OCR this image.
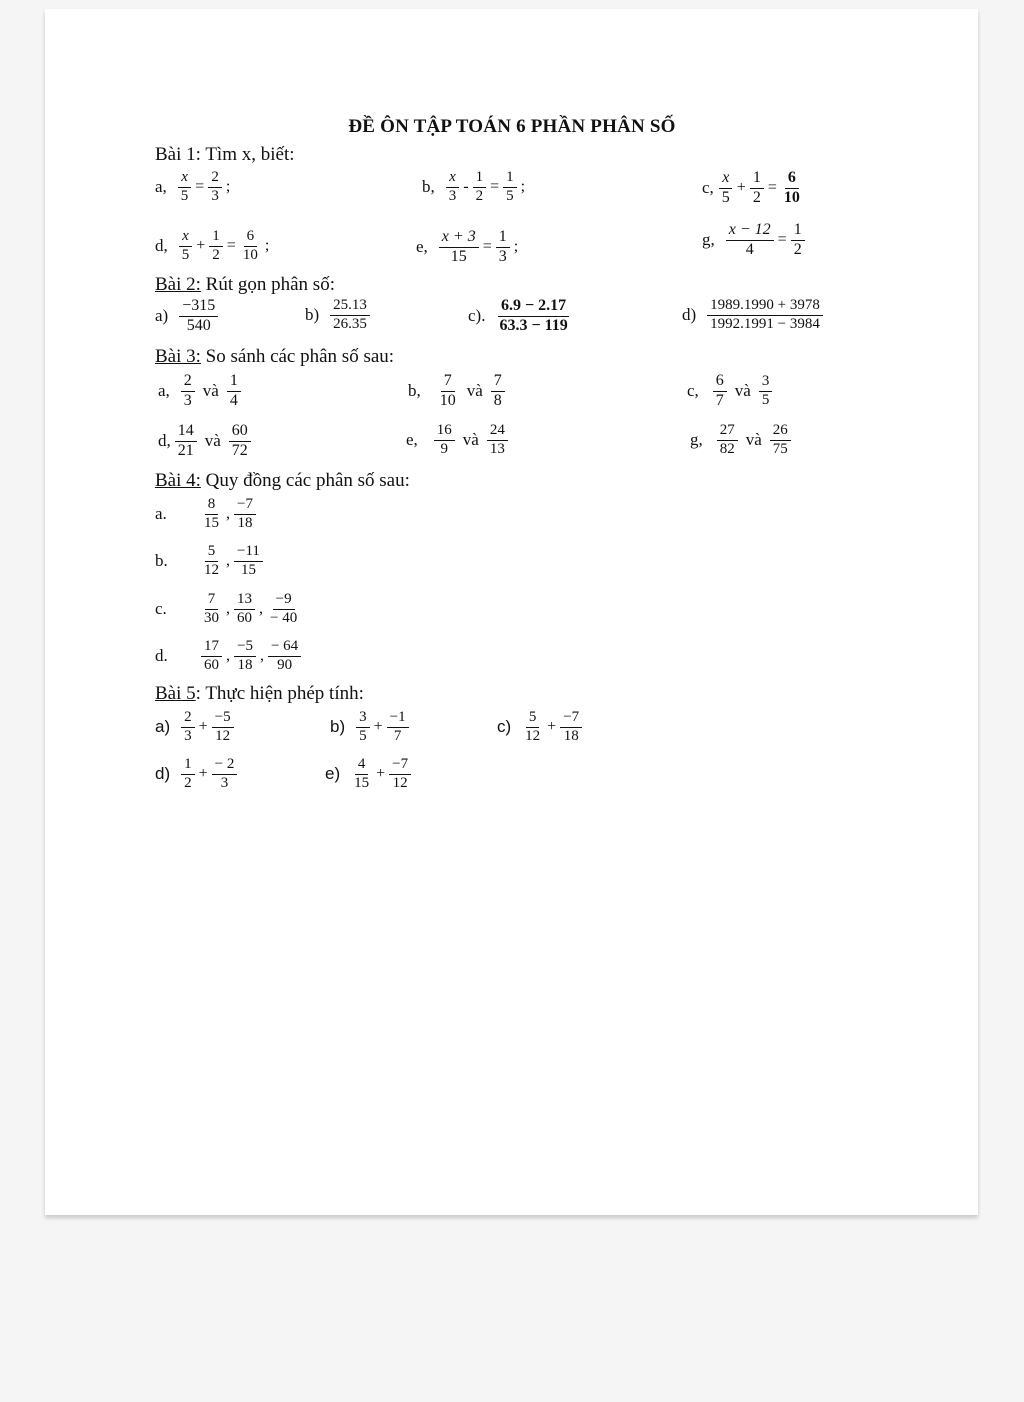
ĐỀ ÔN TẬP TOÁN 6 PHẦN PHÂN SỐ
Bài 1: Tìm x, biết:
a, $\frac{x}{5} = \frac{2}{3}$ ;	b, $\frac{x}{3} - \frac{1}{2} = \frac{1}{5}$ ;	c, $\frac{x}{5} + \frac{1}{2} = \frac{6}{10}$
d, $\frac{x}{5} + \frac{1}{2} = \frac{6}{10}$ ;	e, $\frac{x + 3}{15} = \frac{1}{3}$ ;	g, $\frac{x - 12}{4} = \frac{1}{2}$
Bài 2: Rút gọn phân số:
$a) \frac{-315}{540}$	$b) \frac{25.13}{26.35}$	c). $\frac{6.9 - 2.17}{63.3 - 119}$	$d) \frac{1989.1990 + 3978}{1992.1991 - 3984}$
Bài 3: So sánh các phân số sau:
a, $\frac{2}{3}$ và $\frac{1}{4}$	b, $\frac{7}{10}$ và $\frac{7}{8}$	c, $\frac{6}{7}$ và $\frac{3}{5}$
d, $\frac{14}{21}$ và $\frac{60}{72}$	e, $\frac{16}{9}$ và $\frac{24}{13}$	g, $\frac{27}{82}$ và $\frac{26}{75}$
Bài 4: Quy đồng các phân số sau:
a.	$\frac{8}{15}$ , $\frac{-7}{18}$
b.	$\frac{5}{12}$ , $\frac{-11}{15}$
c.	$\frac{7}{30}$ , $\frac{13}{60}$ , $\frac{-9}{- 40}$
d.	$\frac{17}{60}$ , $\frac{-5}{18}$ , $\frac{- 64}{90}$
Bài 5: Thực hiện phép tính:
$a) \frac{2}{3} + \frac{-5}{12}$	$b) \frac{3}{5} + \frac{-1}{7}$	$c) \frac{5}{12} + \frac{-7}{18}$
$d) \frac{1}{2} + \frac{- 2}{3}$	$e) \frac{4}{15} + \frac{-7}{12}$
